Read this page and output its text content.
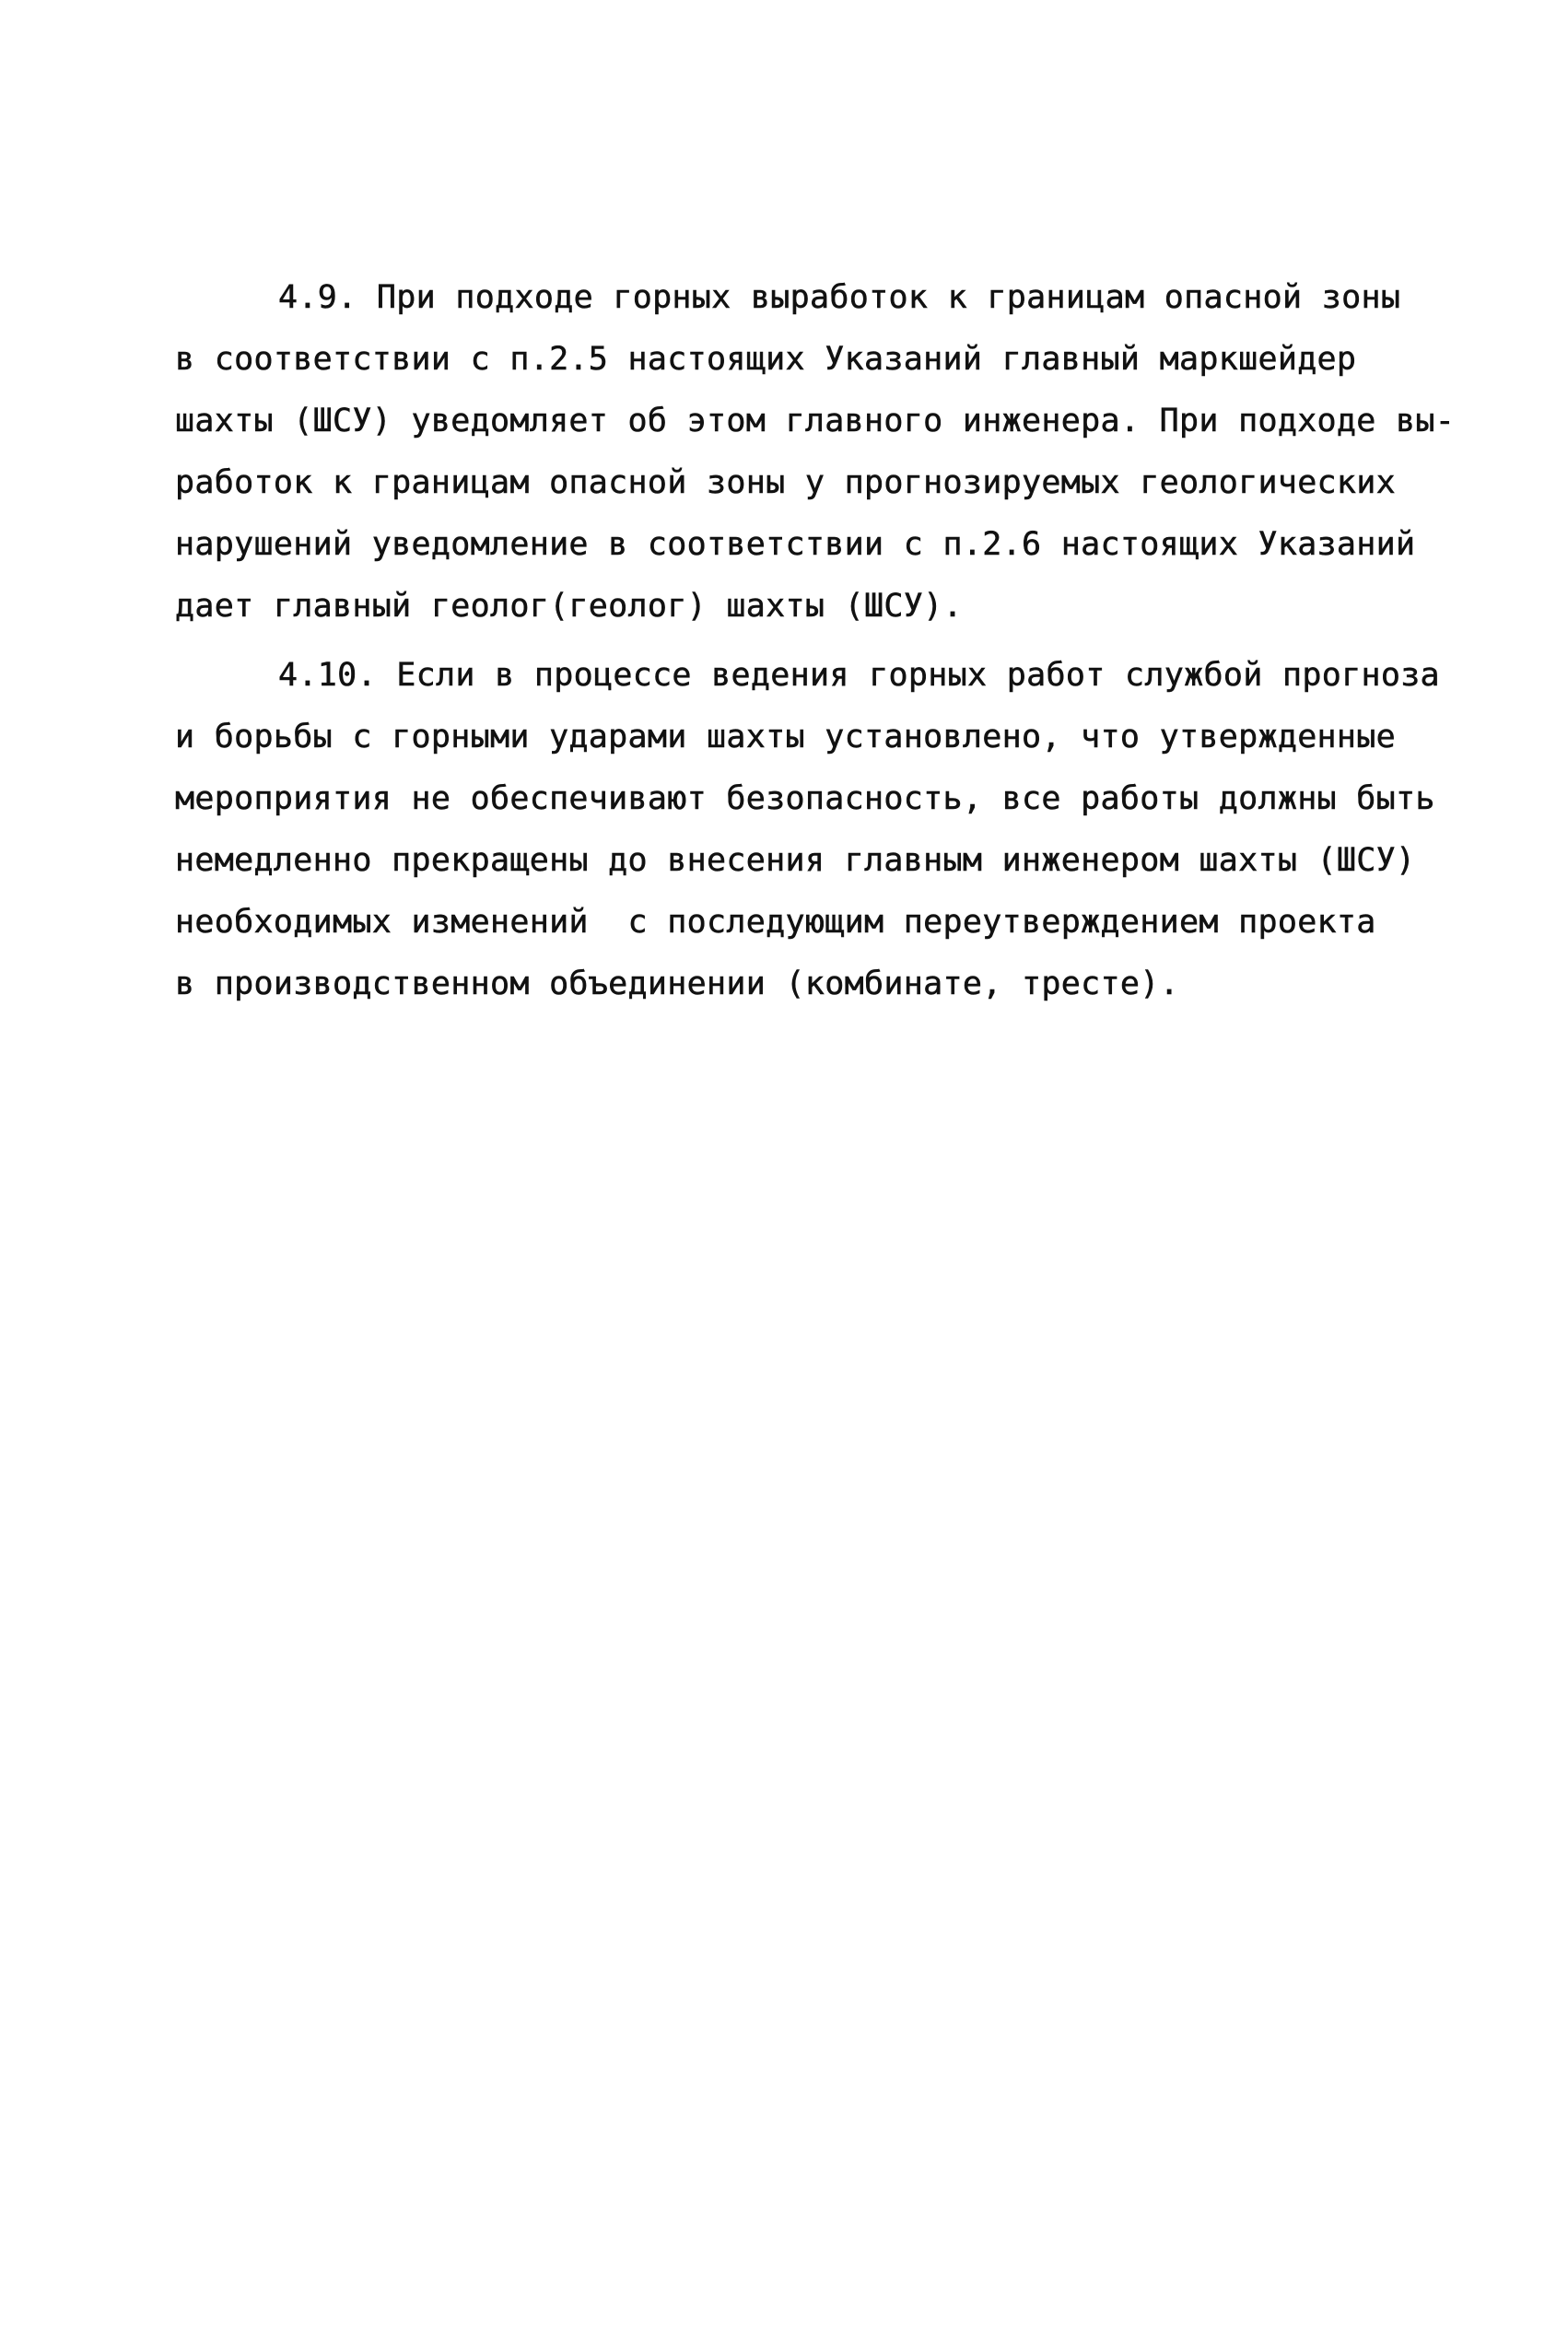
4.9. При подходе горных выработок к границам опасной зоны
в соответствии с п.2.5 настоящих Указаний главный маркшейдер
шахты (ШСУ) уведомляет об этом главного инженера. При подходе вы-
работок к границам опасной зоны у прогнозируемых геологических
нарушений уведомление в соответствии с п.2.6 настоящих Указаний
дает главный геолог(геолог) шахты (ШСУ).
4.10. Если в процессе ведения горных работ службой прогноза
и борьбы с горными ударами шахты установлено, что утвержденные
мероприятия не обеспечивают безопасность, все работы должны быть
немедленно прекращены до внесения главным инженером шахты (ШСУ)
необходимых изменений  с последующим переутверждением проекта
в производственном объединении (комбинате, тресте).
